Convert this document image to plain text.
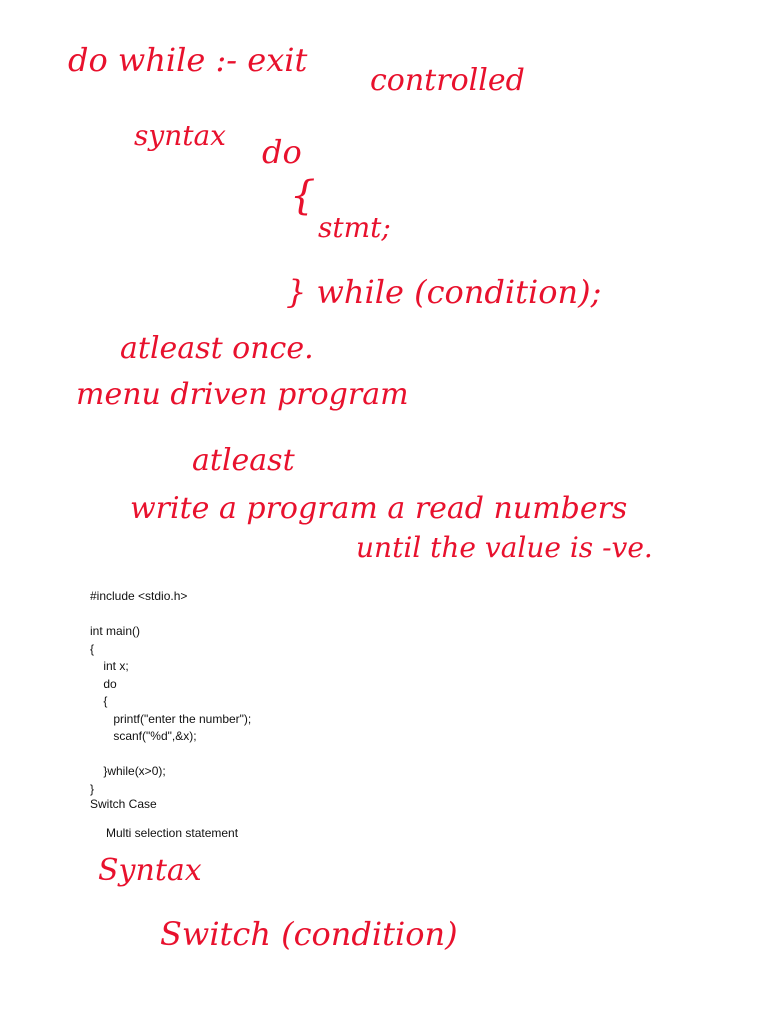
do while :- exit
controlled
syntax do
{
stmt;
} while (condition);
atleast once.
menu driven program
atleast
write a program a read numbers
until the value is -ve.
#include <stdio.h>
int main()
{
int x;
do
{
printf("enter the number");
scanf("%d",&x);
}while(x>0);
}
Switch Case
Multi selection statement
Syntax
Switch (condition)
